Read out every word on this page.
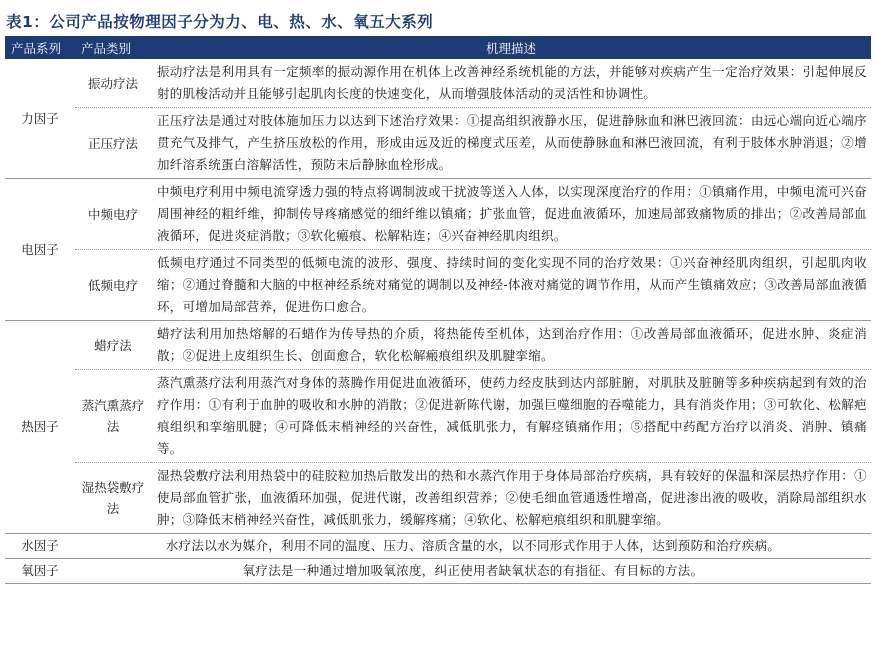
表1：公司产品按物理因子分为力、电、热、水、氧五大系列
产品系列	产品类别	机理描述
力因子	振动疗法	振动疗法是利用具有一定频率的振动源作用在机体上改善神经系统机能的方法，并能够对疾病产生一定治疗效果：引起伸展反射的肌梭活动并且能够引起肌肉长度的快速变化，从而增强肢体活动的灵活性和协调性。
	正压疗法	正压疗法是通过对肢体施加压力以达到下述治疗效果：①提高组织液静水压，促进静脉血和淋巴液回流：由远心端向近心端序贯充气及排气，产生挤压放松的作用，形成由远及近的梯度式压差，从而使静脉血和淋巴液回流，有利于肢体水肿消退；②增加纤溶系统蛋白溶解活性，预防末后静脉血栓形成。
电因子	中频电疗	中频电疗利用中频电流穿透力强的特点将调制波或干扰波等送入人体，以实现深度治疗的作用：①镇痛作用，中频电流可兴奋周围神经的粗纤维，抑制传导疼痛感觉的细纤维以镇痛；扩张血管，促进血液循环，加速局部致痛物质的排出；②改善局部血液循环，促进炎症消散；③软化瘢痕、松解粘连；④兴奋神经肌肉组织。
	低频电疗	低频电疗通过不同类型的低频电流的波形、强度、持续时间的变化实现不同的治疗效果：①兴奋神经肌肉组织，引起肌肉收缩；②通过脊髓和大脑的中枢神经系统对痛觉的调制以及神经-体液对痛觉的调节作用，从而产生镇痛效应；③改善局部血液循环，可增加局部营养，促进伤口愈合。
热因子	蜡疗法	蜡疗法利用加热熔解的石蜡作为传导热的介质，将热能传至机体，达到治疗作用：①改善局部血液循环，促进水肿、炎症消散；②促进上皮组织生长、创面愈合，软化松解瘢痕组织及肌腱挛缩。
	蒸汽熏蒸疗法	蒸汽熏蒸疗法利用蒸汽对身体的蒸腾作用促进血液循环，使药力经皮肤到达内部脏腑，对肌肤及脏腑等多种疾病起到有效的治疗作用：①有利于血肿的吸收和水肿的消散；②促进新陈代谢，加强巨噬细胞的吞噬能力，具有消炎作用；③可软化、松解疤痕组织和挛缩肌腱；④可降低末梢神经的兴奋性，减低肌张力，有解痉镇痛作用；⑤搭配中药配方治疗以消炎、消肿、镇痛等。
	湿热袋敷疗法	湿热袋敷疗法利用热袋中的硅胶粒加热后散发出的热和水蒸汽作用于身体局部治疗疾病，具有较好的保温和深层热疗作用：①使局部血管扩张，血液循环加强，促进代谢，改善组织营养；②使毛细血管通透性增高，促进渗出液的吸收，消除局部组织水肿；③降低末梢神经兴奋性，减低肌张力，缓解疼痛；④软化、松解疤痕组织和肌腱挛缩。
水因子	水疗法以水为媒介，利用不同的温度、压力、溶质含量的水，以不同形式作用于人体，达到预防和治疗疾病。	
氧因子	氧疗法是一种通过增加吸氧浓度，纠正使用者缺氧状态的有指征、有目标的方法。	
